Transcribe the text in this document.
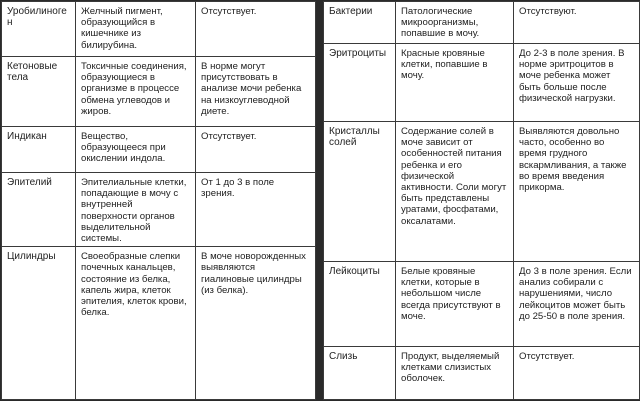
Уробилиноген	Желчный пигмент, образующийся в кишечнике из билирубина.	Отсутствует.
Кетоновые тела	Токсичные соединения, образующиеся в организме в процессе обмена углеводов и жиров.	В норме могут присутствовать в анализе мочи ребенка на низкоуглеводной диете.
Индикан	Вещество, образующееся при окислении индола.	Отсутствует.
Эпителий	Эпителиальные клетки, попадающие в мочу с внутренней поверхности органов выделительной системы.	От 1 до 3 в поле зрения.
Цилиндры	Своеобразные слепки почечных канальцев, состояние из белка, капель жира, клеток эпителия, клеток крови, белка.	В моче новорожденных выявляются гиалиновые цилиндры (из белка).
Бактерии	Патологические микроорганизмы, попавшие в мочу.	Отсутствуют.
Эритроциты	Красные кровяные клетки, попавшие в мочу.	До 2-3 в поле зрения. В норме эритроцитов в моче ребенка может быть больше после физической нагрузки.
Кристаллы солей	Содержание солей в моче зависит от особенностей питания ребенка и его физической активности. Соли могут быть представлены уратами, фосфатами, оксалатами.	Выявляются довольно часто, особенно во время грудного вскармливания, а также во время введения прикорма.
Лейкоциты	Белые кровяные клетки, которые в небольшом числе всегда присутствуют в моче.	До 3 в поле зрения. Если анализ собирали с нарушениями, число лейкоцитов может быть до 25-50 в поле зрения.
Слизь	Продукт, выделяемый клетками слизистых оболочек.	Отсутствует.
